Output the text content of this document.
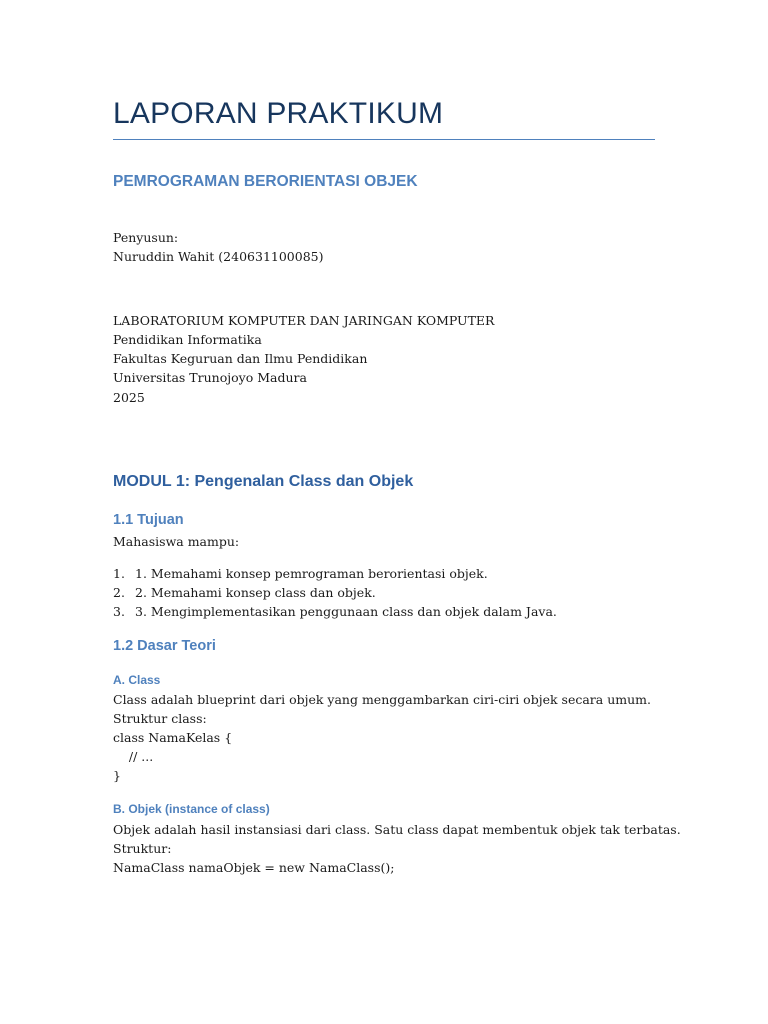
LAPORAN PRAKTIKUM
PEMROGRAMAN BERORIENTASI OBJEK
Penyusun:
Nuruddin Wahit (240631100085)
LABORATORIUM KOMPUTER DAN JARINGAN KOMPUTER
Pendidikan Informatika
Fakultas Keguruan dan Ilmu Pendidikan
Universitas Trunojoyo Madura
2025
MODUL 1: Pengenalan Class dan Objek
1.1 Tujuan
Mahasiswa mampu:
1. 1. Memahami konsep pemrograman berorientasi objek.
2. 2. Memahami konsep class dan objek.
3. 3. Mengimplementasikan penggunaan class dan objek dalam Java.
1.2 Dasar Teori
A. Class
Class adalah blueprint dari objek yang menggambarkan ciri-ciri objek secara umum.
Struktur class:
class NamaKelas {
// ...
}
B. Objek (instance of class)
Objek adalah hasil instansiasi dari class. Satu class dapat membentuk objek tak terbatas.
Struktur:
NamaClass namaObjek = new NamaClass();
